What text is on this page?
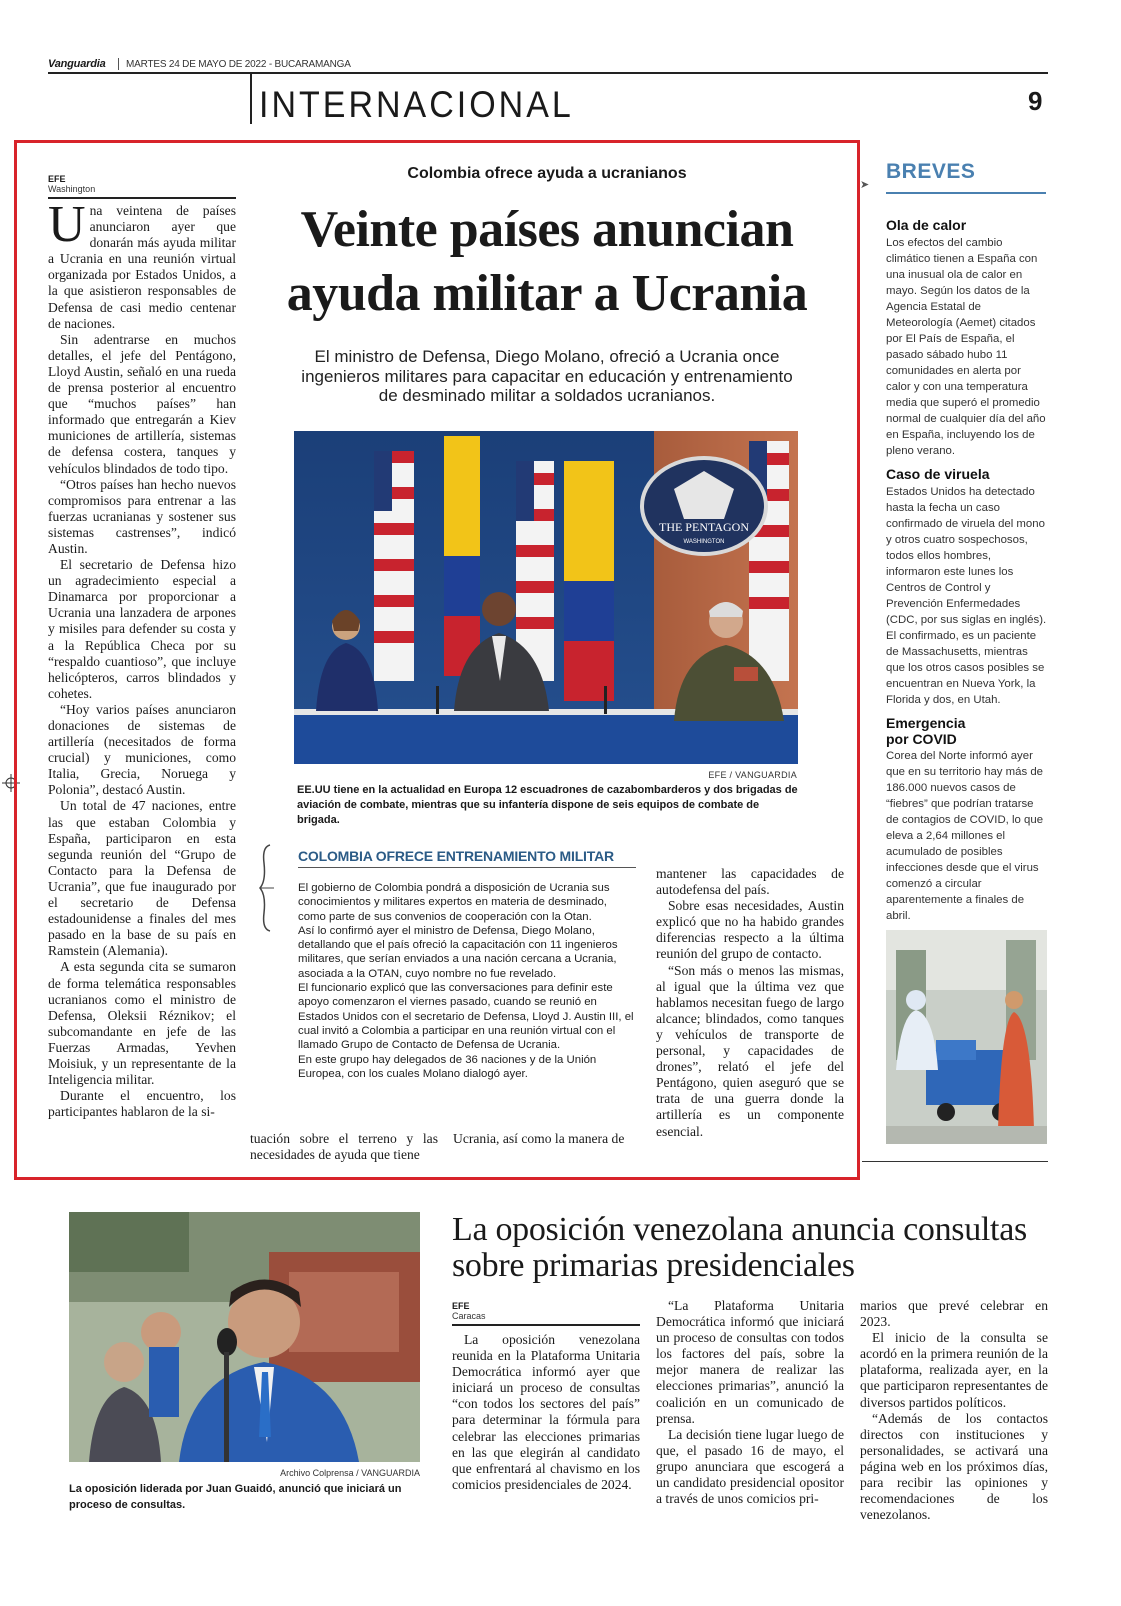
Vanguardia MARTES 24 DE MAYO DE 2022 - BUCARAMANGA
INTERNACIONAL	9
EFE
Washington

Una veintena de países anunciaron ayer que donarán más ayuda militar a Ucrania en una reunión virtual organizada por Estados Unidos, a la que asistieron responsables de Defensa de casi medio centenar de naciones.

Sin adentrarse en muchos detalles, el jefe del Pentágono, Lloyd Austin, señaló en una rueda de prensa posterior al encuentro que “muchos países” han informado que entregarán a Kiev municiones de artillería, sistemas de defensa costera, tanques y vehículos blindados de todo tipo.

“Otros países han hecho nuevos compromisos para entrenar a las fuerzas ucranianas y sostener sus sistemas castrenses”, indicó Austin.

El secretario de Defensa hizo un agradecimiento especial a Dinamarca por proporcionar a Ucrania una lanzadera de arpones y misiles para defender su costa y a la República Checa por su “respaldo cuantioso”, que incluye helicópteros, carros blindados y cohetes.

“Hoy varios países anunciaron donaciones de sistemas de artillería (necesitados de forma crucial) y municiones, como Italia, Grecia, Noruega y Polonia”, destacó Austin.

Un total de 47 naciones, entre las que estaban Colombia y España, participaron en esta segunda reunión del “Grupo de Contacto para la Defensa de Ucrania”, que fue inaugurado por el secretario de Defensa estadounidense a finales del mes pasado en la base de su país en Ramstein (Alemania).

A esta segunda cita se sumaron de forma telemática responsables ucranianos como el ministro de Defensa, Oleksii Réznikov; el subcomandante en jefe de las Fuerzas Armadas, Yevhen Moisiuk, y un representante de la Inteligencia militar.

Durante el encuentro, los participantes hablaron de la si-

Colombia ofrece ayuda a ucranianos
Veinte países anuncian ayuda militar a Ucrania
El ministro de Defensa, Diego Molano, ofreció a Ucrania once ingenieros militares para capacitar en educación y entrenamiento de desminado militar a soldados ucranianos.
THE PENTAGON
WASHINGTON
EFE / VANGUARDIA
EE.UU tiene en la actualidad en Europa 12 escuadrones de cazabombarderos y dos brigadas de aviación de combate, mientras que su infantería dispone de seis equipos de combate de brigada.
COLOMBIA OFRECE ENTRENAMIENTO MILITAR

El gobierno de Colombia pondrá a disposición de Ucrania sus conocimientos y militares expertos en materia de desminado, como parte de sus convenios de cooperación con la Otan.

Así lo confirmó ayer el ministro de Defensa, Diego Molano, detallando que el país ofreció la capacitación con 11 ingenieros militares, que serían enviados a una nación cercana a Ucrania, asociada a la OTAN, cuyo nombre no fue revelado.

El funcionario explicó que las conversaciones para definir este apoyo comenzaron el viernes pasado, cuando se reunió en Estados Unidos con el secretario de Defensa, Lloyd J. Austin III, el cual invitó a Colombia a participar en una reunión virtual con el llamado Grupo de Contacto de Defensa de Ucrania.

En este grupo hay delegados de 36 naciones y de la Unión Europea, con los cuales Molano dialogó ayer.

tuación sobre el terreno y las necesidades de ayuda que tiene

Ucrania, así como la manera de

mantener las capacidades de autodefensa del país.

Sobre esas necesidades, Austin explicó que no ha habido grandes diferencias respecto a la última reunión del grupo de contacto.

“Son más o menos las mismas, al igual que la última vez que hablamos necesitan fuego de largo alcance; blindados, como tanques y vehículos de transporte de personal, y capacidades de drones”, relató el jefe del Pentágono, quien aseguró que se trata de una guerra donde la artillería es un componente esencial.

➤
BREVES
Ola de calor
Los efectos del cambio climático tienen a España con una inusual ola de calor en mayo. Según los datos de la Agencia Estatal de Meteorología (Aemet) citados por El País de España, el pasado sábado hubo 11 comunidades en alerta por calor y con una temperatura media que superó el promedio normal de cualquier día del año en España, incluyendo los de pleno verano.
Caso de viruela
Estados Unidos ha detectado hasta la fecha un caso confirmado de viruela del mono y otros cuatro sospechosos, todos ellos hombres, informaron este lunes los Centros de Control y Prevención Enfermedades (CDC, por sus siglas en inglés). El confirmado, es un paciente de Massachusetts, mientras que los otros casos posibles se encuentran en Nueva York, la Florida y dos, en Utah.
Emergencia por COVID
Corea del Norte informó ayer que en su territorio hay más de 186.000 nuevos casos de “fiebres” que podrían tratarse de contagios de COVID, lo que eleva a 2,64 millones el acumulado de posibles infecciones desde que el virus comenzó a circular aparentemente a finales de abril.
Archivo Colprensa / VANGUARDIA
La oposición liderada por Juan Guaidó, anunció que iniciará un proceso de consultas.
La oposición venezolana anuncia consultas sobre primarias presidenciales
EFE
Caracas

La oposición venezolana reunida en la Plataforma Unitaria Democrática informó ayer que iniciará un proceso de consultas “con todos los sectores del país” para determinar la fórmula para celebrar las elecciones primarias en las que elegirán al candidato que enfrentará al chavismo en los comicios presidenciales de 2024.

“La Plataforma Unitaria Democrática informó que iniciará un proceso de consultas con todos los factores del país, sobre la mejor manera de realizar las elecciones primarias”, anunció la coalición en un comunicado de prensa.

La decisión tiene lugar luego de que, el pasado 16 de mayo, el grupo anunciara que escogerá a un candidato presidencial opositor a través de unos comicios pri-

marios que prevé celebrar en 2023.

El inicio de la consulta se acordó en la primera reunión de la plataforma, realizada ayer, en la que participaron representantes de diversos partidos políticos.

“Además de los contactos directos con instituciones y personalidades, se activará una página web en los próximos días, para recibir las opiniones y recomendaciones de los venezolanos.
